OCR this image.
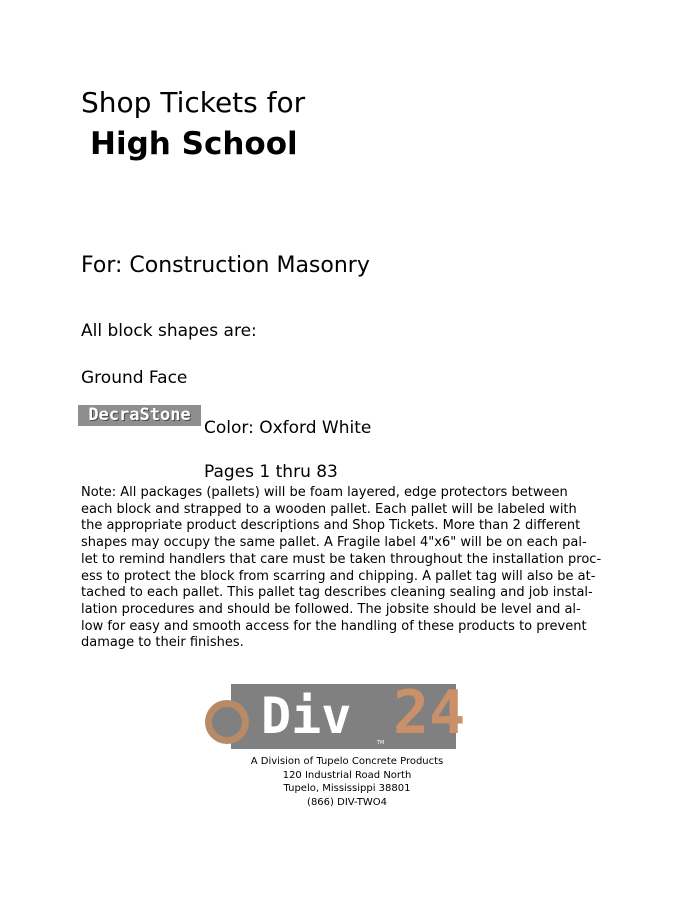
Shop Tickets for
High School
For: Construction Masonry
All block shapes are:
Ground Face
DecraStone
Color: Oxford White
Pages 1 thru 83

Note: All packages (pallets) will be foam layered, edge protectors between

each block and strapped to a wooden pallet. Each pallet will be labeled with

the appropriate product descriptions and Shop Tickets. More than 2 different

shapes may occupy the same pallet. A Fragile label 4"x6" will be on each pal-

let to remind handlers that care must be taken throughout the installation proc-

ess to protect the block from scarring and chipping. A pallet tag will also be at-

tached to each pallet. This pallet tag describes cleaning sealing and job instal-

lation procedures and should be followed. The jobsite should be level and al-

low for easy and smooth access for the handling of these products to prevent

damage to their finishes.

Div 24
TM
A Division of Tupelo Concrete Products
120 Industrial Road North
Tupelo, Mississippi 38801
(866) DIV-TWO4
